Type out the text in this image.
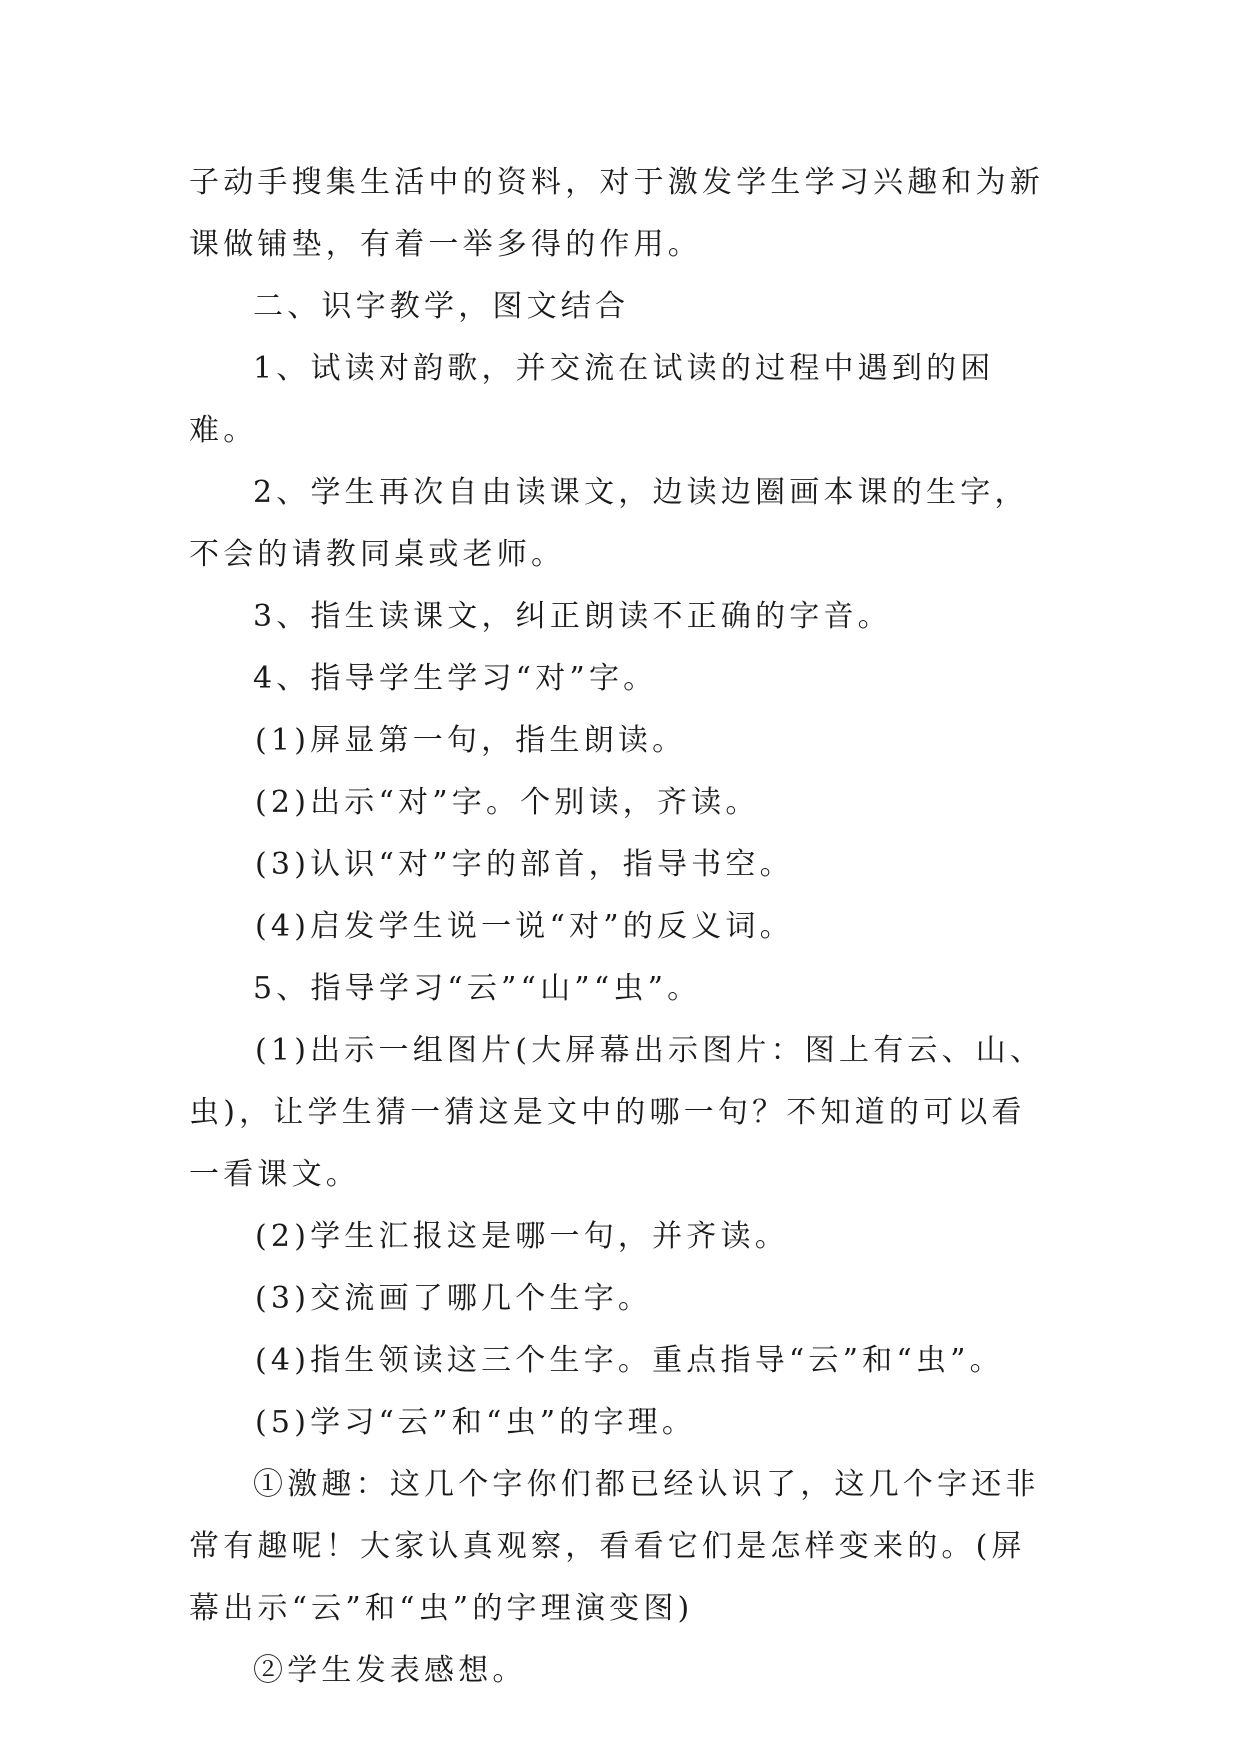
子动手搜集生活中的资料，对于激发学生学习兴趣和为新课做铺垫，有着一举多得的作用。

二、识字教学，图文结合

1、试读对韵歌，并交流在试读的过程中遇到的困难。

2、学生再次自由读课文，边读边圈画本课的生字，不会的请教同桌或老师。

3、指生读课文，纠正朗读不正确的字音。

4、指导学生学习“对”字。

(1)屏显第一句，指生朗读。

(2)出示“对”字。个别读，齐读。

(3)认识“对”字的部首，指导书空。

(4)启发学生说一说“对”的反义词。

5、指导学习“云”“山”“虫”。

(1)出示一组图片(大屏幕出示图片：图上有云、山、虫)，让学生猜一猜这是文中的哪一句？不知道的可以看一看课文。

(2)学生汇报这是哪一句，并齐读。

(3)交流画了哪几个生字。

(4)指生领读这三个生字。重点指导“云”和“虫”。

(5)学习“云”和“虫”的字理。

①激趣：这几个字你们都已经认识了，这几个字还非常有趣呢！大家认真观察，看看它们是怎样变来的。(屏幕出示“云”和“虫”的字理演变图)

②学生发表感想。
